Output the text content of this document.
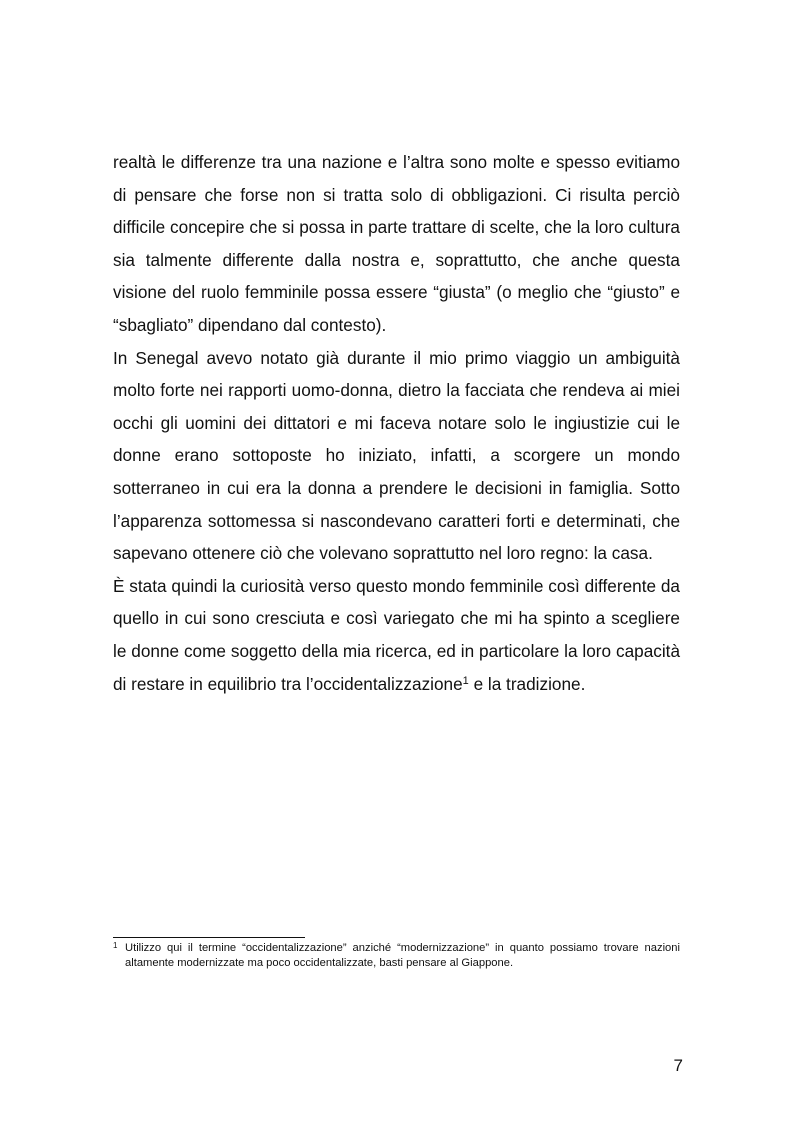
realtà le differenze tra una nazione e l’altra sono molte e spesso evitiamo di pensare che forse non si tratta solo di obbligazioni. Ci risulta perciò difficile concepire che si possa in parte trattare di scelte, che la loro cultura sia talmente differente dalla nostra e, soprattutto, che anche questa visione del ruolo femminile possa essere “giusta” (o meglio che “giusto” e “sbagliato” dipendano dal contesto).

In Senegal avevo notato già durante il mio primo viaggio un ambiguità molto forte nei rapporti uomo-donna, dietro la facciata che rendeva ai miei occhi gli uomini dei dittatori e mi faceva notare solo le ingiustizie cui le donne erano sottoposte ho iniziato, infatti, a scorgere un mondo sotterraneo in cui era la donna a prendere le decisioni in famiglia. Sotto l’apparenza sottomessa si nascondevano caratteri forti e determinati, che sapevano ottenere ciò che volevano soprattutto nel loro regno: la casa.

È stata quindi la curiosità verso questo mondo femminile così differente da quello in cui sono cresciuta e così variegato che mi ha spinto a scegliere le donne come soggetto della mia ricerca, ed in particolare la loro capacità di restare in equilibrio tra l’occidentalizzazione$^1$ e la tradizione.

1 Utilizzo qui il termine “occidentalizzazione” anziché “modernizzazione” in quanto possiamo trovare nazioni altamente modernizzate ma poco occidentalizzate, basti pensare al Giappone.
7
